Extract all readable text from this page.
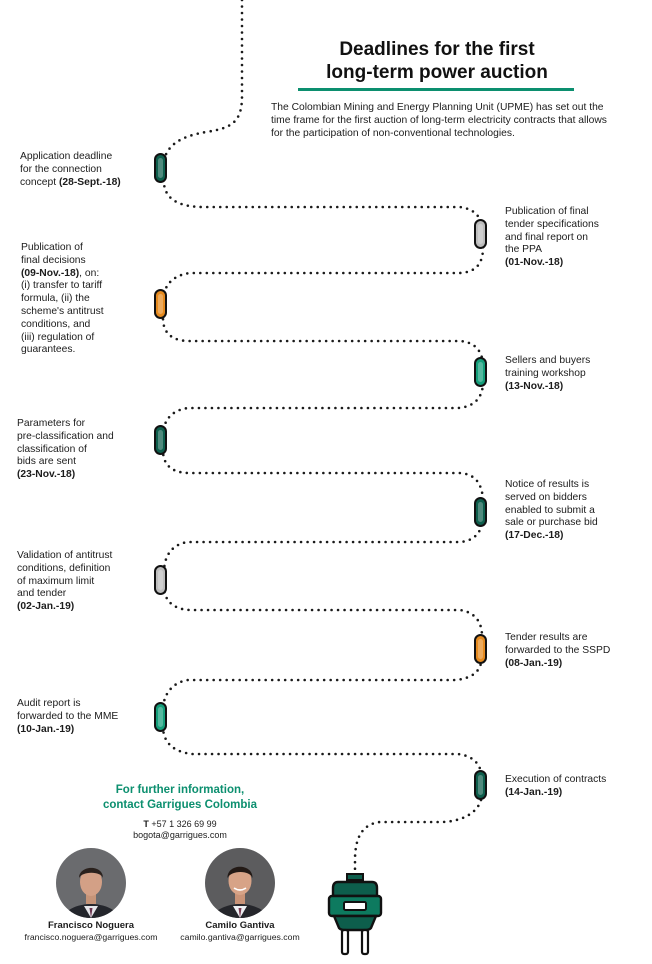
Deadlines for the first
long-term power auction
The Colombian Mining and Energy Planning Unit (UPME) has set out the time frame for the first auction of long-term electricity contracts that allows for the participation of non-conventional technologies.
Application deadline
for the connection
concept (28-Sept.-18)
Publication of final
tender specifications
and final report on
the PPA
(01-Nov.-18)
Publication of
final decisions
(09-Nov.-18), on:
(i) transfer to tariff
formula, (ii) the
scheme's antitrust
conditions, and
(iii) regulation of
guarantees.
Sellers and buyers
training workshop
(13-Nov.-18)
Parameters for
pre-classification and
classification of
bids are sent
(23-Nov.-18)
Notice of results is
served on bidders
enabled to submit a
sale or purchase bid
(17-Dec.-18)
Validation of antitrust
conditions, definition
of maximum limit
and tender
(02-Jan.-19)
Tender results are
forwarded to the SSPD
(08-Jan.-19)
Audit report is
forwarded to the MME
(10-Jan.-19)
Execution of contracts
(14-Jan.-19)
For further information,
contact Garrigues Colombia
T +57 1 326 69 99
bogota@garrigues.com
Francisco Noguera
francisco.noguera@garrigues.com
Camilo Gantiva
camilo.gantiva@garrigues.com
